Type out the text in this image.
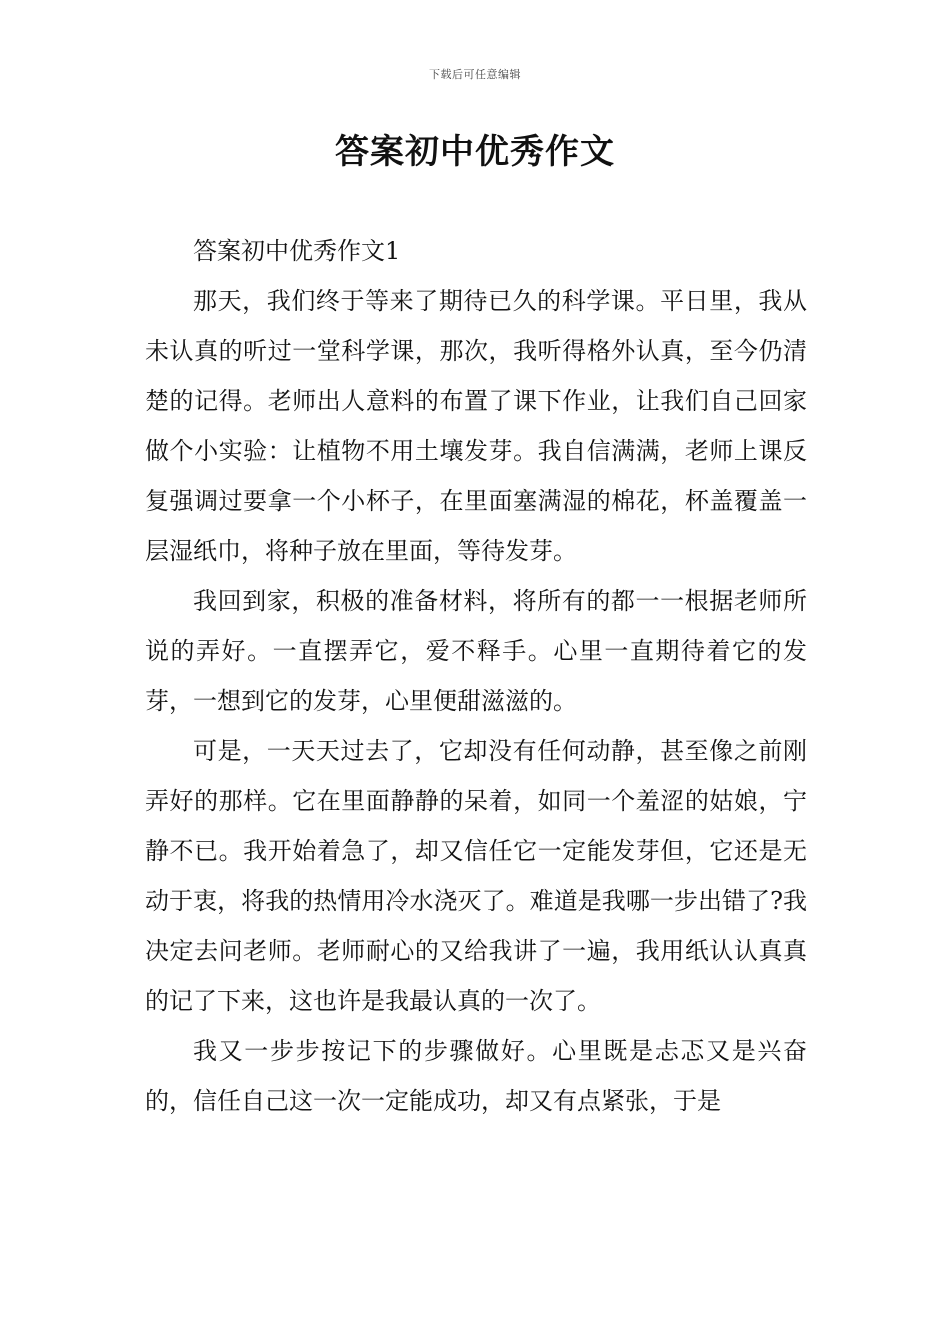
下载后可任意编辑
答案初中优秀作文
答案初中优秀作文1

那天，我们终于等来了期待已久的科学课。平日里，我从未认真的听过一堂科学课，那次，我听得格外认真，至今仍清楚的记得。老师出人意料的布置了课下作业，让我们自己回家做个小实验：让植物不用土壤发芽。我自信满满，老师上课反复强调过要拿一个小杯子，在里面塞满湿的棉花，杯盖覆盖一层湿纸巾，将种子放在里面，等待发芽。

我回到家，积极的准备材料，将所有的都一一根据老师所说的弄好。一直摆弄它，爱不释手。心里一直期待着它的发芽，一想到它的发芽，心里便甜滋滋的。

可是，一天天过去了，它却没有任何动静，甚至像之前刚弄好的那样。它在里面静静的呆着，如同一个羞涩的姑娘，宁静不已。我开始着急了，却又信任它一定能发芽但，它还是无动于衷，将我的热情用冷水浇灭了。难道是我哪一步出错了?我决定去问老师。老师耐心的又给我讲了一遍，我用纸认认真真的记了下来，这也许是我最认真的一次了。

我又一步步按记下的步骤做好。心里既是忐忑又是兴奋的，信任自己这一次一定能成功，却又有点紧张，于是
